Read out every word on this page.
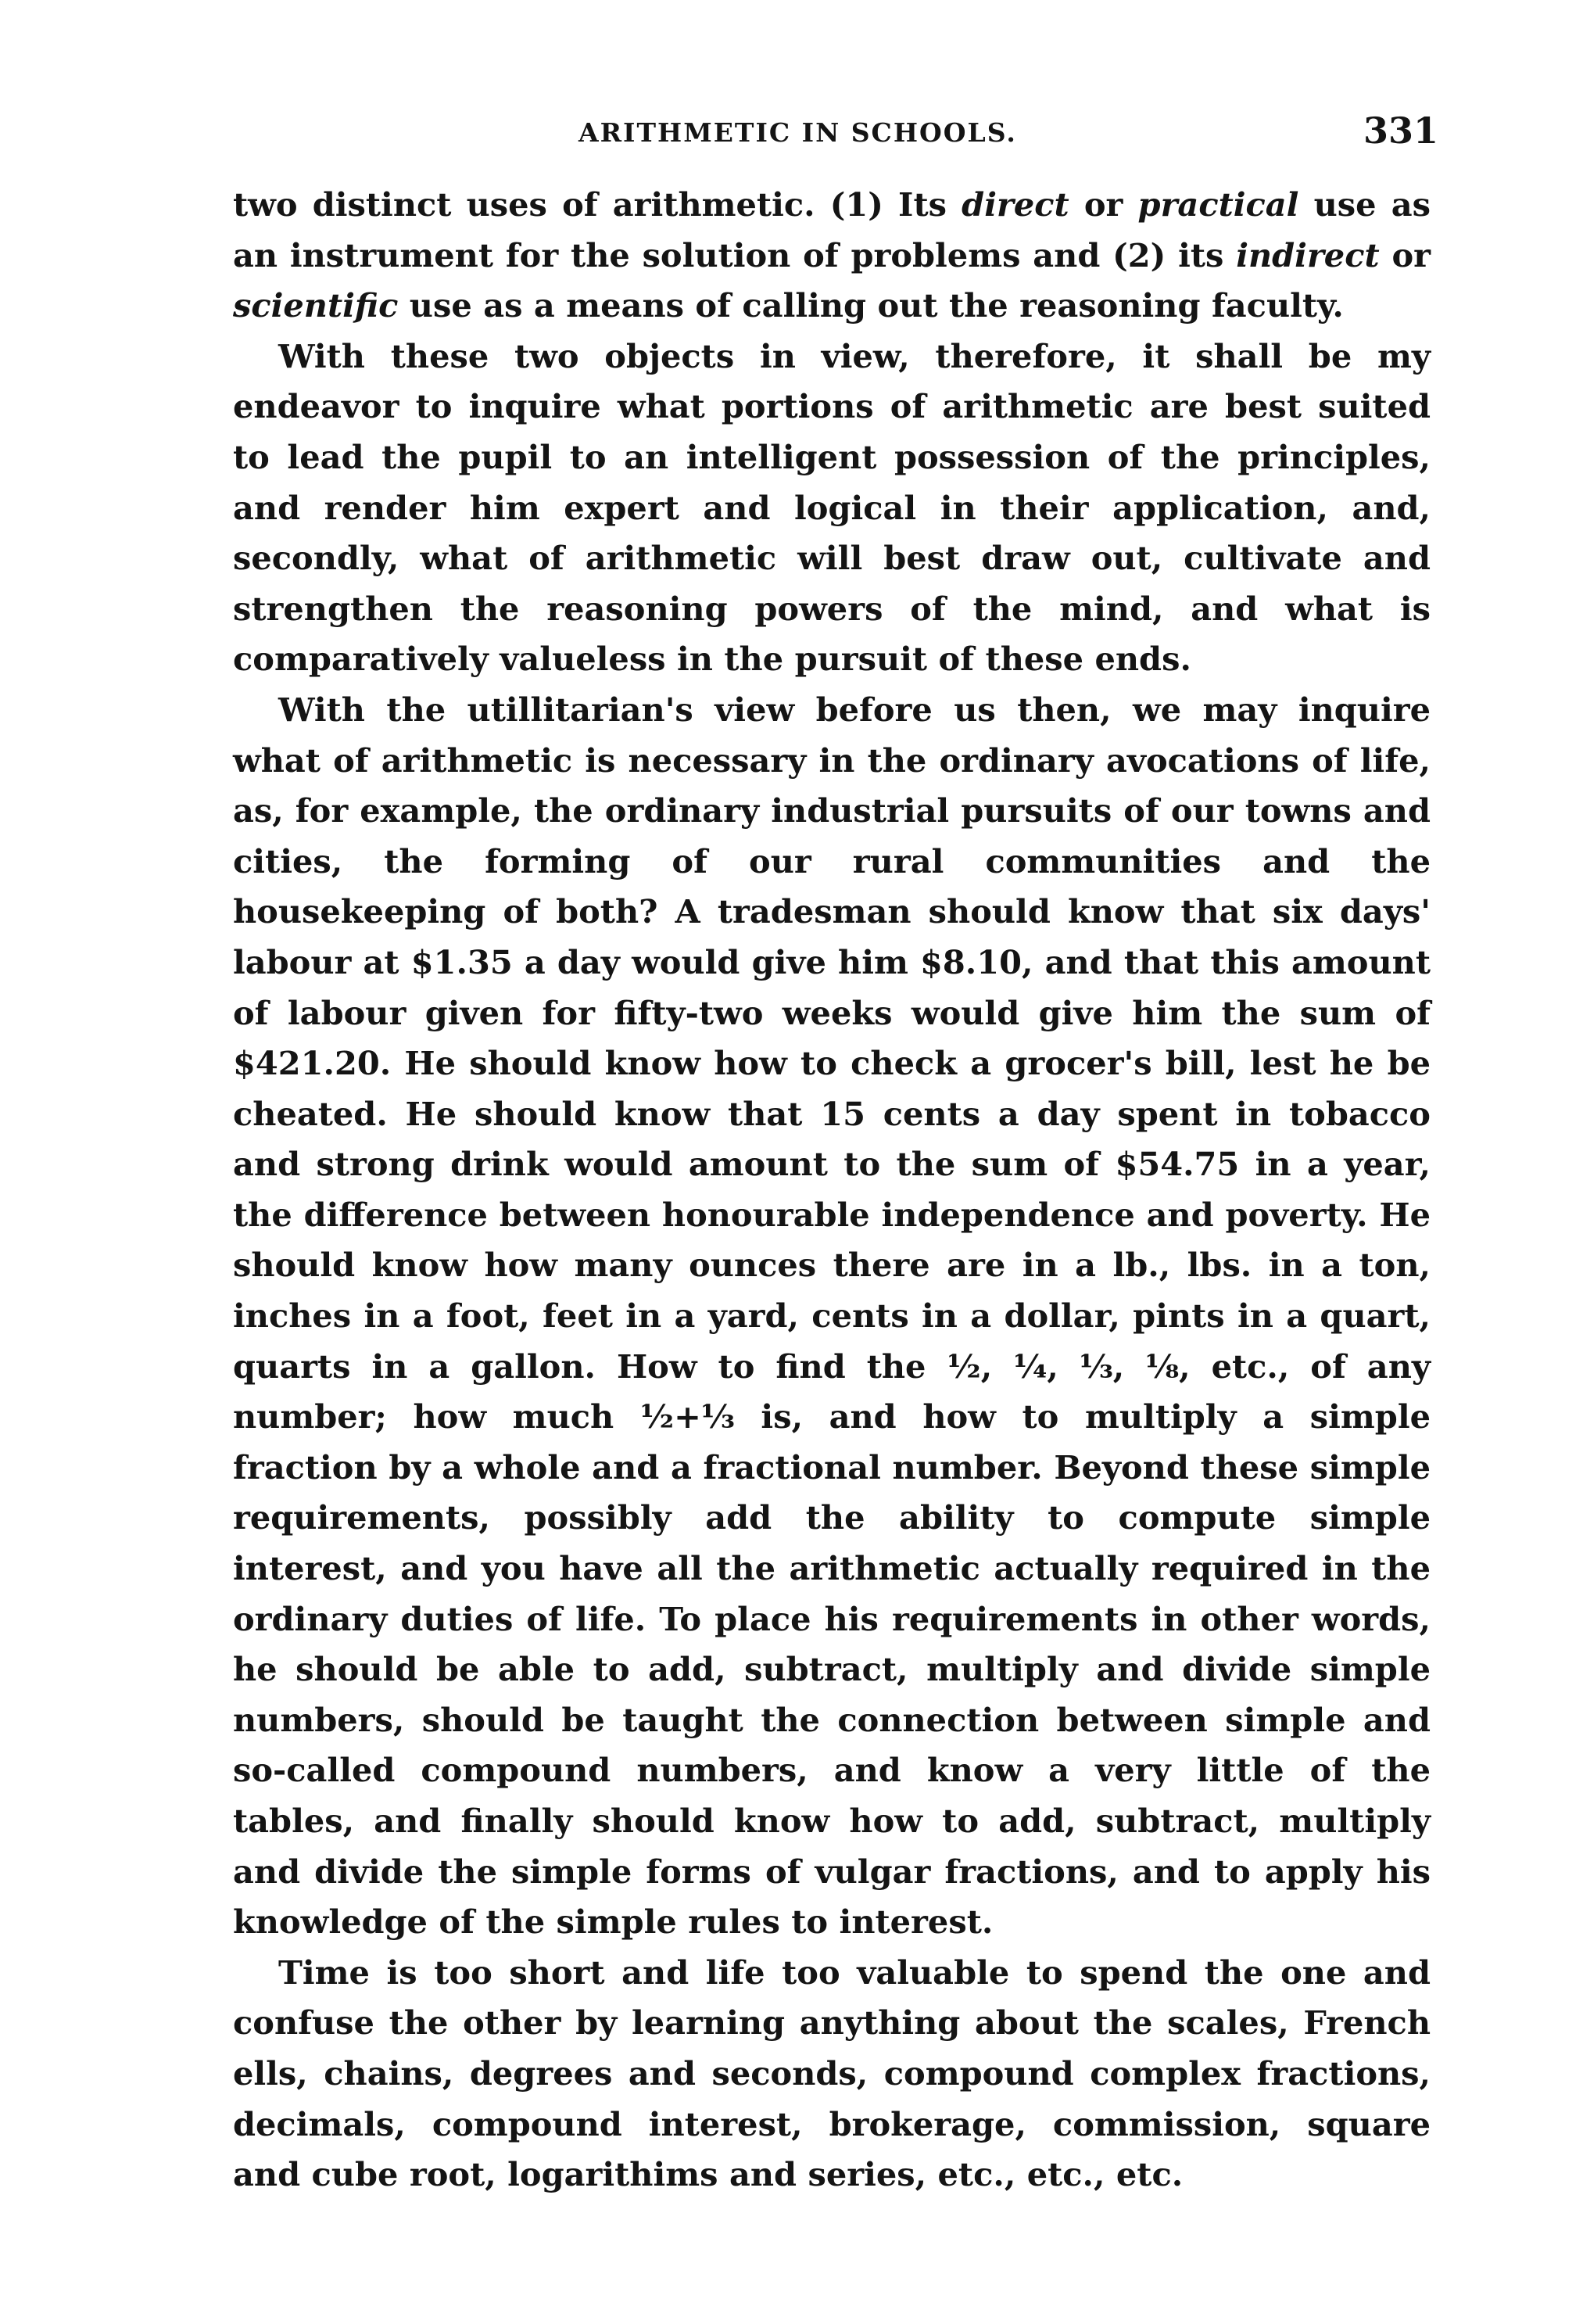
ARITHMETIC IN SCHOOLS.	331

two distinct uses of arithmetic. (1) Its direct or practical use as an instrument for the solution of problems and (2) its indirect or scientific use as a means of calling out the reasoning faculty.

With these two objects in view, therefore, it shall be my endeavor to inquire what portions of arithmetic are best suited to lead the pupil to an intelligent possession of the principles, and render him expert and logical in their application, and, secondly, what of arithmetic will best draw out, cultivate and strengthen the reasoning powers of the mind, and what is comparatively valueless in the pursuit of these ends.

With the utillitarian's view before us then, we may inquire what of arithmetic is necessary in the ordinary avocations of life, as, for example, the ordinary industrial pursuits of our towns and cities, the forming of our rural communities and the housekeeping of both? A tradesman should know that six days' labour at $1.35 a day would give him $8.10, and that this amount of labour given for fifty-two weeks would give him the sum of $421.20. He should know how to check a grocer's bill, lest he be cheated. He should know that 15 cents a day spent in tobacco and strong drink would amount to the sum of $54.75 in a year, the difference between honourable independence and poverty. He should know how many ounces there are in a lb., lbs. in a ton, inches in a foot, feet in a yard, cents in a dollar, pints in a quart, quarts in a gallon. How to find the ½, ¼, ⅓, ⅛, etc., of any number; how much ½+⅓ is, and how to multiply a simple fraction by a whole and a fractional number. Beyond these simple requirements, possibly add the ability to compute simple interest, and you have all the arithmetic actually required in the ordinary duties of life. To place his requirements in other words, he should be able to add, subtract, multiply and divide simple numbers, should be taught the connection between simple and so-called compound numbers, and know a very little of the tables, and finally should know how to add, subtract, multiply and divide the simple forms of vulgar fractions, and to apply his knowledge of the simple rules to interest.

Time is too short and life too valuable to spend the one and confuse the other by learning anything about the scales, French ells, chains, degrees and seconds, compound complex fractions, decimals, compound interest, brokerage, commission, square and cube root, logarithims and series, etc., etc., etc.
